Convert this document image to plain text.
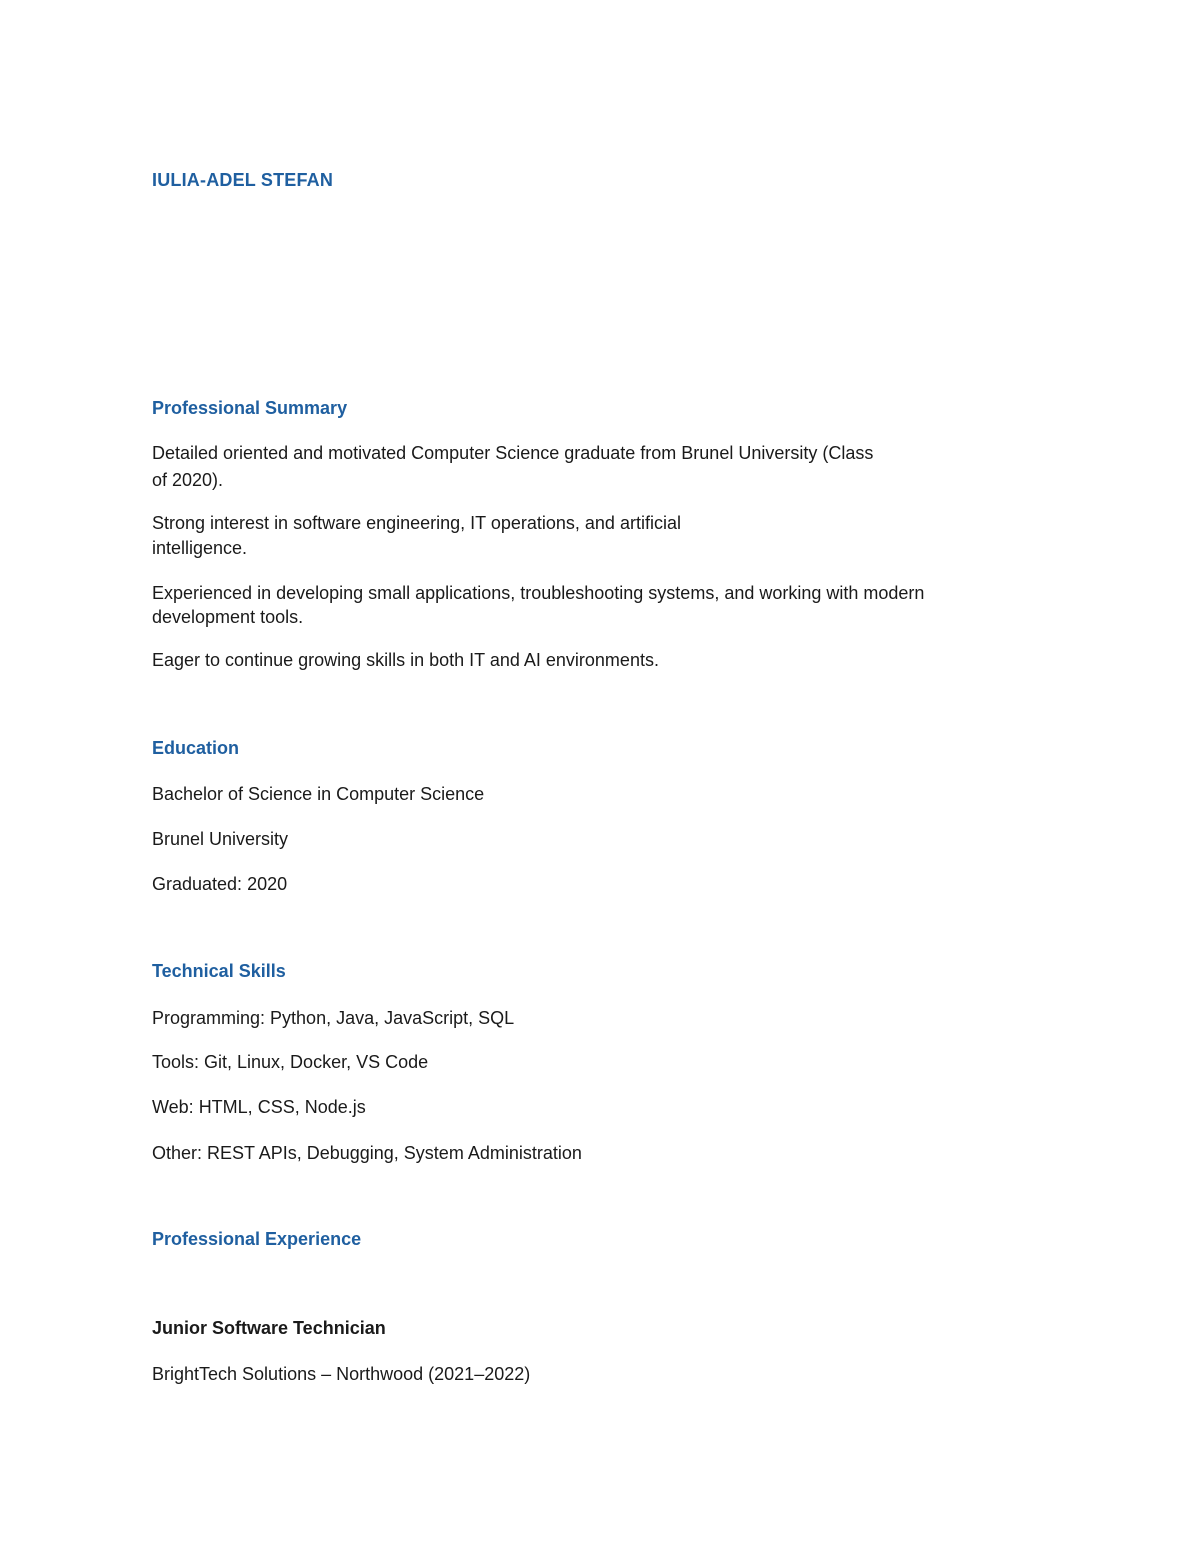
IULIA-ADEL STEFAN
Professional Summary
Detailed oriented and motivated Computer Science graduate from Brunel University (Class
of 2020).
Strong interest in software engineering, IT operations, and artificial
intelligence.
Experienced in developing small applications, troubleshooting systems, and working with modern
development tools.
Eager to continue growing skills in both IT and AI environments.
Education
Bachelor of Science in Computer Science
Brunel University
Graduated: 2020
Technical Skills
Programming: Python, Java, JavaScript, SQL
Tools: Git, Linux, Docker, VS Code
Web: HTML, CSS, Node.js
Other: REST APIs, Debugging, System Administration
Professional Experience
Junior Software Technician
BrightTech Solutions – Northwood (2021–2022)
